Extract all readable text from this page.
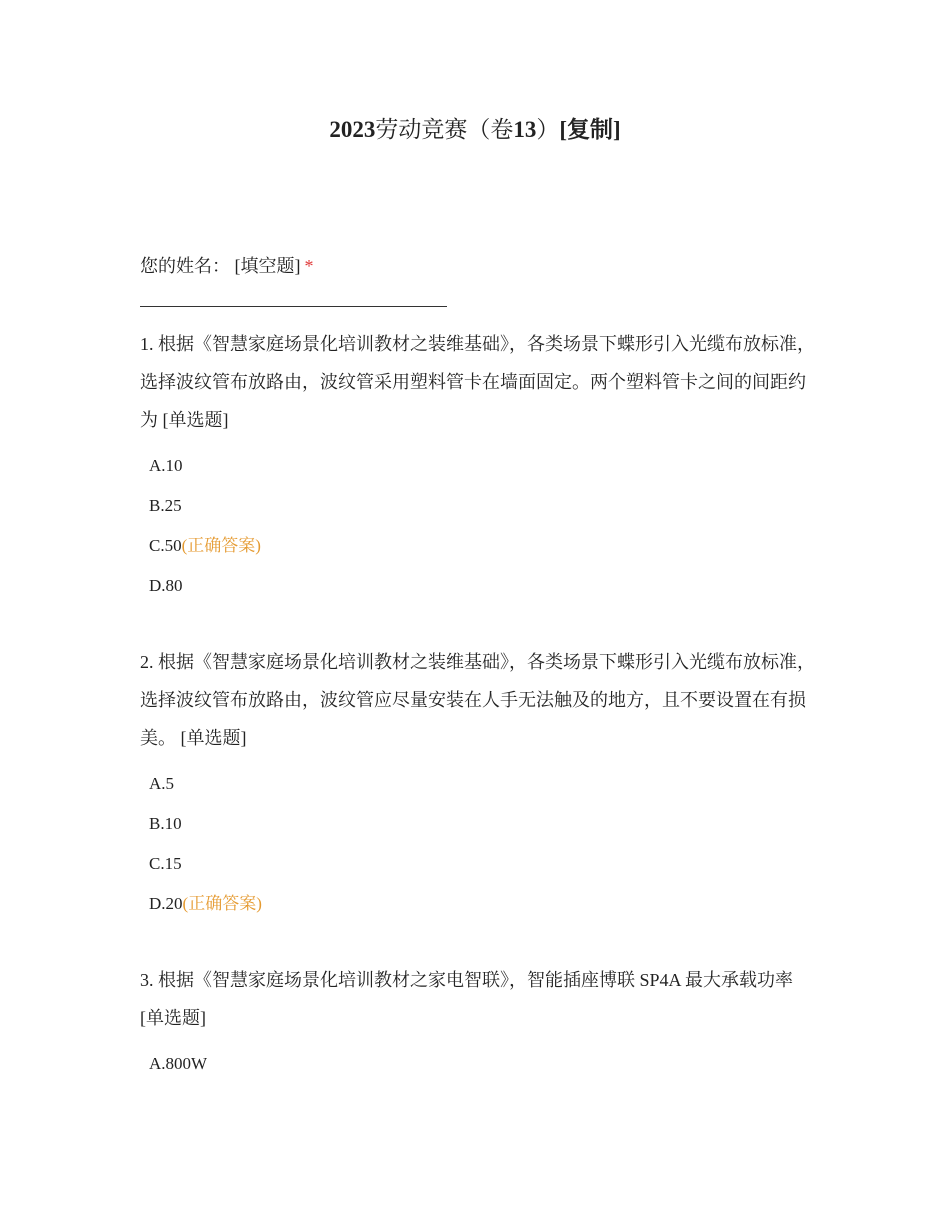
2023劳动竞赛（卷13）[复制]
您的姓名： [填空题] *

1. 根据《智慧家庭场景化培训教材之装维基础》，各类场景下蝶形引入光缆布放标准，选择波纹管布放路由，波纹管采用塑料管卡在墙面固定。两个塑料管卡之间的间距约为 [单选题]

A.10
B.25
C.50(正确答案)
D.80

2. 根据《智慧家庭场景化培训教材之装维基础》，各类场景下蝶形引入光缆布放标准，选择波纹管布放路由，波纹管应尽量安装在人手无法触及的地方，且不要设置在有损美。 [单选题]

A.5
B.10
C.15
D.20(正确答案)

3. 根据《智慧家庭场景化培训教材之家电智联》，智能插座博联 SP4A 最大承载功率 [单选题]

A.800W
